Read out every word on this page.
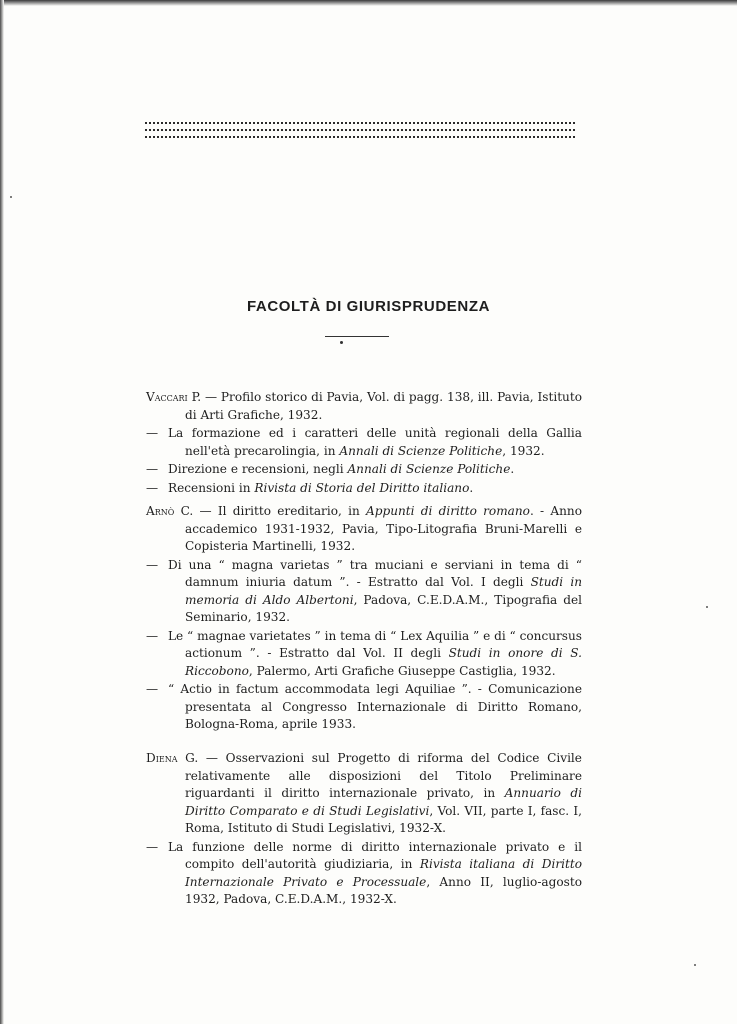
FACOLTÀ DI GIURISPRUDENZA
Vaccari P. — Profilo storico di Pavia, Vol. di pagg. 138, ill. Pavia, Istituto di Arti Grafiche, 1932.
— La formazione ed i caratteri delle unità regionali della Gallia nell'età precarolingia, in Annali di Scienze Politiche, 1932.
— Direzione e recensioni, negli Annali di Scienze Politiche.
— Recensioni in Rivista di Storia del Diritto italiano.
Arnò C. — Il diritto ereditario, in Appunti di diritto romano. - Anno accademico 1931-1932, Pavia, Tipo-Litografia Bruni-Marelli e Copisteria Martinelli, 1932.
— Di una “ magna varietas ” tra muciani e serviani in tema di “ damnum iniuria datum ”. - Estratto dal Vol. I degli Studi in memoria di Aldo Albertoni, Padova, C.E.D.A.M., Tipografia del Seminario, 1932.
— Le “ magnae varietates ” in tema di “ Lex Aquilia ” e di “ concursus actionum ”. - Estratto dal Vol. II degli Studi in onore di S. Riccobono, Palermo, Arti Grafiche Giuseppe Castiglia, 1932.
— “ Actio in factum accommodata legi Aquiliae ”. - Comunicazione presentata al Congresso Internazionale di Diritto Romano, Bologna-Roma, aprile 1933.
Diena G. — Osservazioni sul Progetto di riforma del Codice Civile relativamente alle disposizioni del Titolo Preliminare riguardanti il diritto internazionale privato, in Annuario di Diritto Comparato e di Studi Legislativi, Vol. VII, parte I, fasc. I, Roma, Istituto di Studi Legislativi, 1932-X.
— La funzione delle norme di diritto internazionale privato e il compito dell'autorità giudiziaria, in Rivista italiana di Diritto Internazionale Privato e Processuale, Anno II, luglio-agosto 1932, Padova, C.E.D.A.M., 1932-X.
